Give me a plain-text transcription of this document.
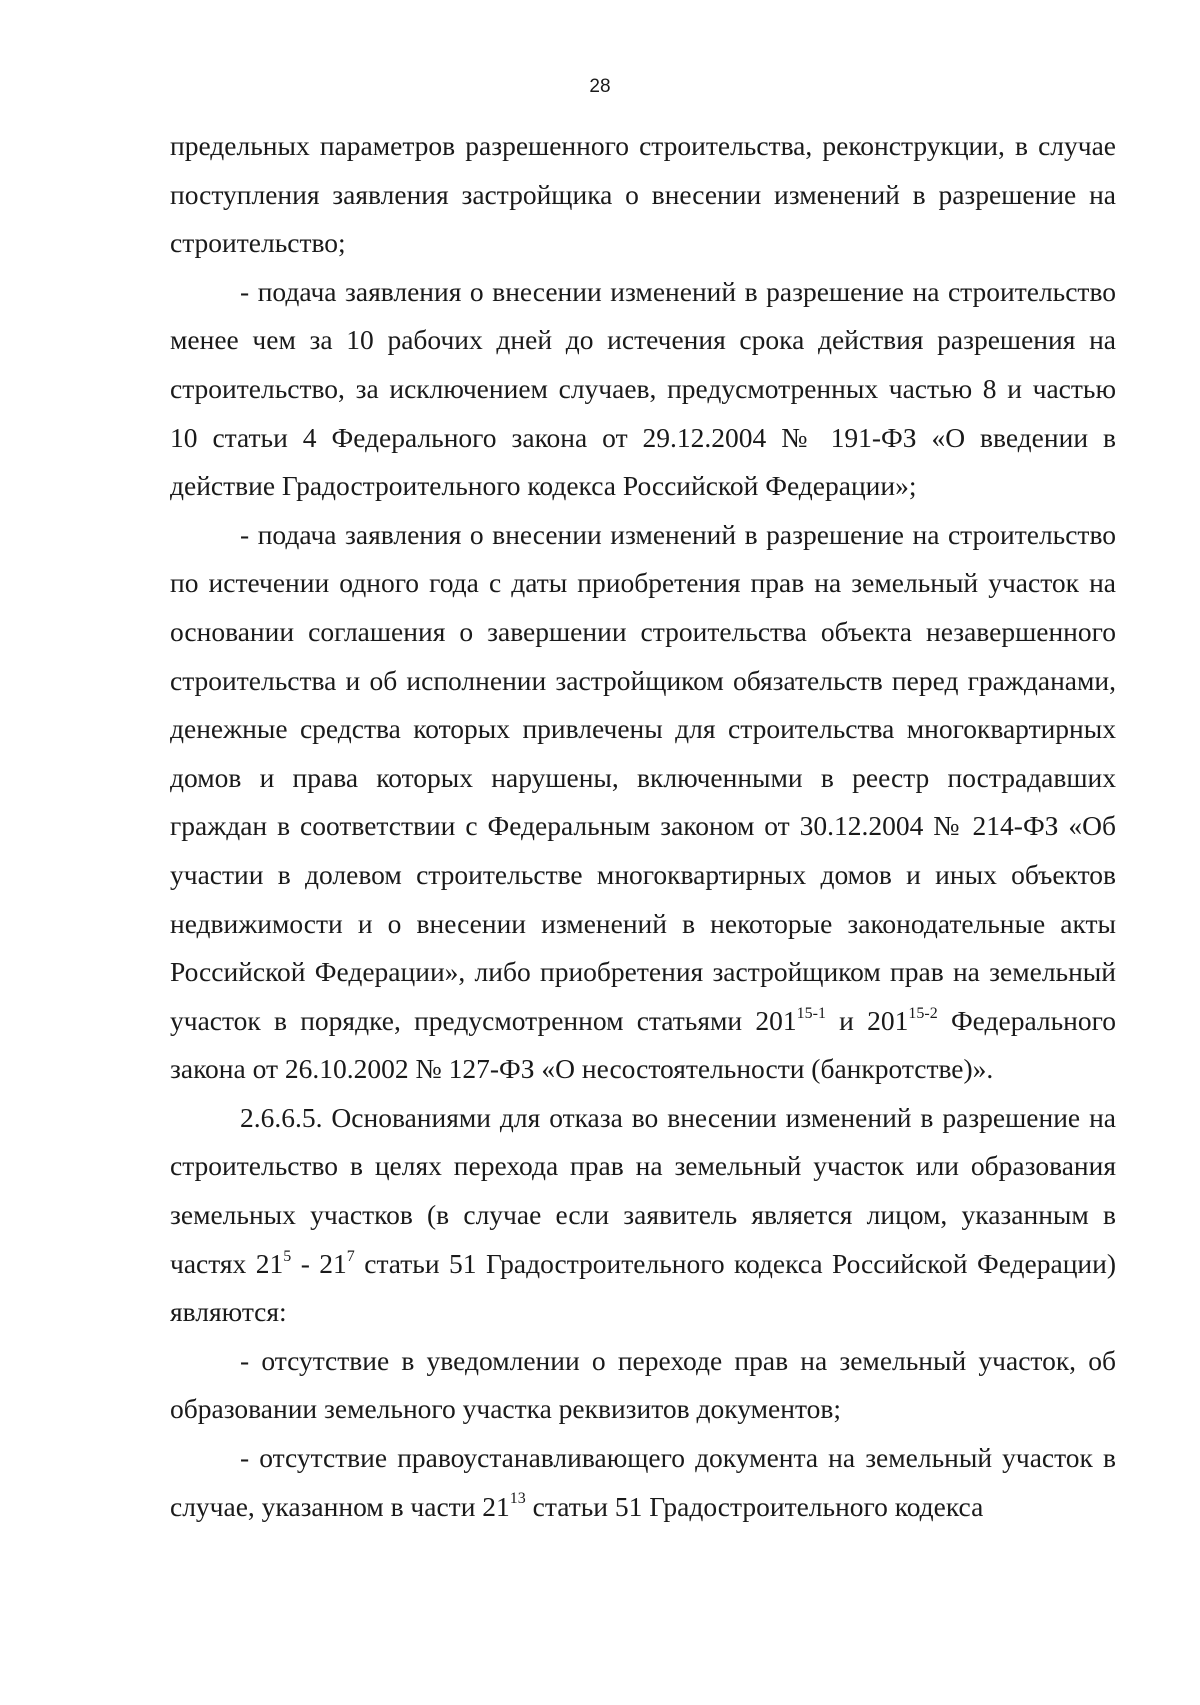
28

предельных параметров разрешенного строительства, реконструкции, в случае поступления заявления застройщика о внесении изменений в разрешение на строительство;

- подача заявления о внесении изменений в разрешение на строительство менее чем за 10 рабочих дней до истечения срока действия разрешения на строительство, за исключением случаев, предусмотренных частью 8 и частью 10 статьи 4 Федерального закона от 29.12.2004 № 191-ФЗ «О введении в действие Градостроительного кодекса Российской Федерации»;

- подача заявления о внесении изменений в разрешение на строительство по истечении одного года с даты приобретения прав на земельный участок на основании соглашения о завершении строительства объекта незавершенного строительства и об исполнении застройщиком обязательств перед гражданами, денежные средства которых привлечены для строительства многоквартирных домов и права которых нарушены, включенными в реестр пострадавших граждан в соответствии с Федеральным законом от 30.12.2004 № 214-ФЗ «Об участии в долевом строительстве многоквартирных домов и иных объектов недвижимости и о внесении изменений в некоторые законодательные акты Российской Федерации», либо приобретения застройщиком прав на земельный участок в порядке, предусмотренном статьями 201$^{15-1}$ и 201$^{15-2}$ Федерального закона от 26.10.2002 № 127-ФЗ «О несостоятельности (банкротстве)».

2.6.6.5. Основаниями для отказа во внесении изменений в разрешение на строительство в целях перехода прав на земельный участок или образования земельных участков (в случае если заявитель является лицом, указанным в частях $21^5 - 21^7$ статьи 51 Градостроительного кодекса Российской Федерации) являются:

- отсутствие в уведомлении о переходе прав на земельный участок, об образовании земельного участка реквизитов документов;

- отсутствие правоустанавливающего документа на земельный участок в случае, указанном в части $21^{13}$ статьи 51 Градостроительного кодекса
